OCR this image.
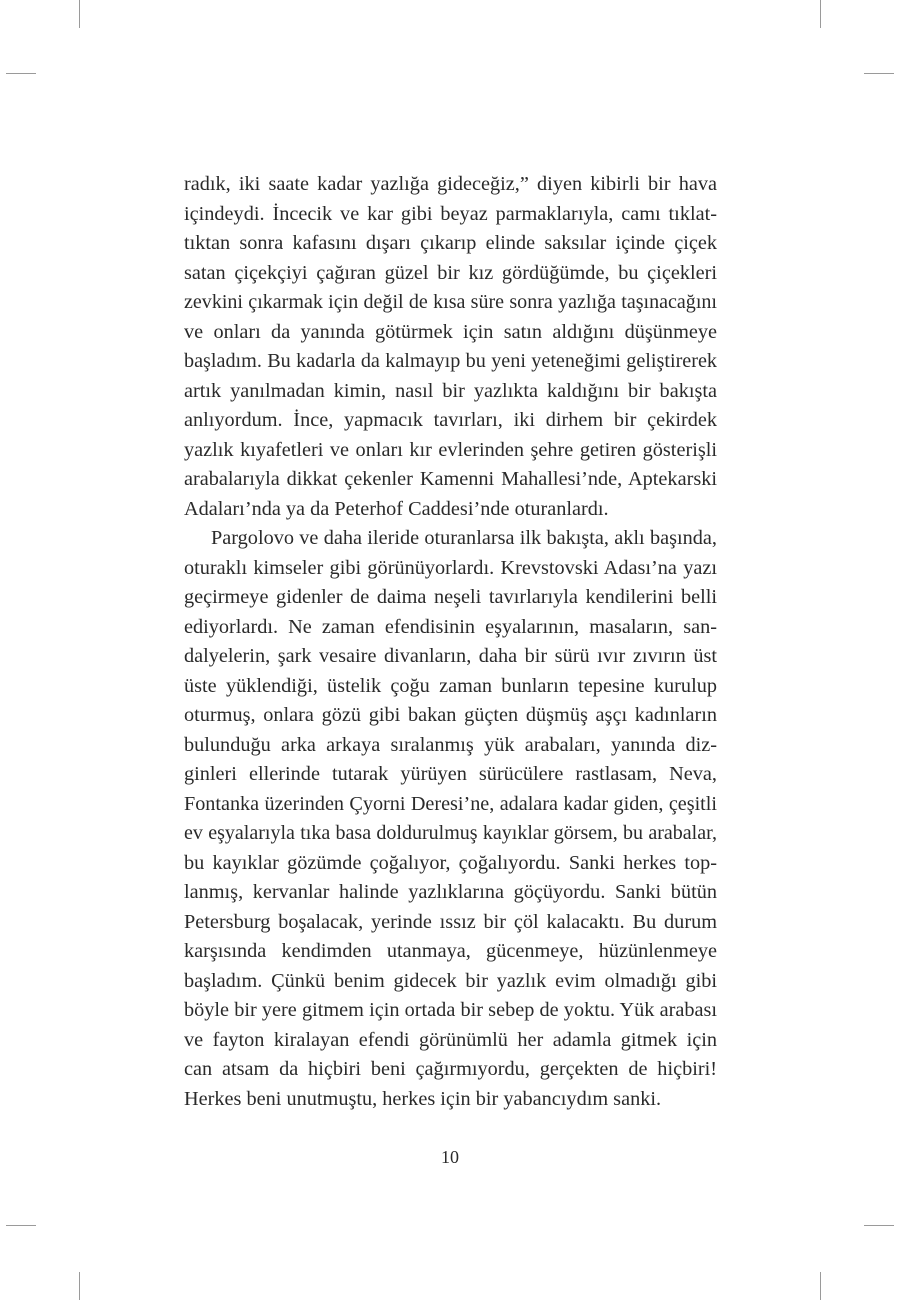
radık, iki saate kadar yazlığa gideceğiz,” diyen kibirli bir hava
içindeydi. İncecik ve kar gibi beyaz parmaklarıyla, camı tıklat-
tıktan sonra kafasını dışarı çıkarıp elinde saksılar içinde çiçek
satan çiçekçiyi çağıran güzel bir kız gördüğümde, bu çiçekleri
zevkini çıkarmak için değil de kısa süre sonra yazlığa taşınacağını
ve onları da yanında götürmek için satın aldığını düşünmeye
başladım. Bu kadarla da kalmayıp bu yeni yeteneğimi geliştirerek
artık yanılmadan kimin, nasıl bir yazlıkta kaldığını bir bakışta
anlıyordum. İnce, yapmacık tavırları, iki dirhem bir çekirdek
yazlık kıyafetleri ve onları kır evlerinden şehre getiren gösterişli
arabalarıyla dikkat çekenler Kamenni Mahallesi’nde, Aptekarski
Adaları’nda ya da Peterhof Caddesi’nde oturanlardı.
Pargolovo ve daha ileride oturanlarsa ilk bakışta, aklı başında,
oturaklı kimseler gibi görünüyorlardı. Krevstovski Adası’na yazı
geçirmeye gidenler de daima neşeli tavırlarıyla kendilerini belli
ediyorlardı. Ne zaman efendisinin eşyalarının, masaların, san-
dalyelerin, şark vesaire divanların, daha bir sürü ıvır zıvırın üst
üste yüklendiği, üstelik çoğu zaman bunların tepesine kurulup
oturmuş, onlara gözü gibi bakan güçten düşmüş aşçı kadınların
bulunduğu arka arkaya sıralanmış yük arabaları, yanında diz-
ginleri ellerinde tutarak yürüyen sürücülere rastlasam, Neva,
Fontanka üzerinden Çyorni Deresi’ne, adalara kadar giden, çeşitli
ev eşyalarıyla tıka basa doldurulmuş kayıklar görsem, bu arabalar,
bu kayıklar gözümde çoğalıyor, çoğalıyordu. Sanki herkes top-
lanmış, kervanlar halinde yazlıklarına göçüyordu. Sanki bütün
Petersburg boşalacak, yerinde ıssız bir çöl kalacaktı. Bu durum
karşısında kendimden utanmaya, gücenmeye, hüzünlenmeye
başladım. Çünkü benim gidecek bir yazlık evim olmadığı gibi
böyle bir yere gitmem için ortada bir sebep de yoktu. Yük arabası
ve fayton kiralayan efendi görünümlü her adamla gitmek için
can atsam da hiçbiri beni çağırmıyordu, gerçekten de hiçbiri!
Herkes beni unutmuştu, herkes için bir yabancıydım sanki.
10
